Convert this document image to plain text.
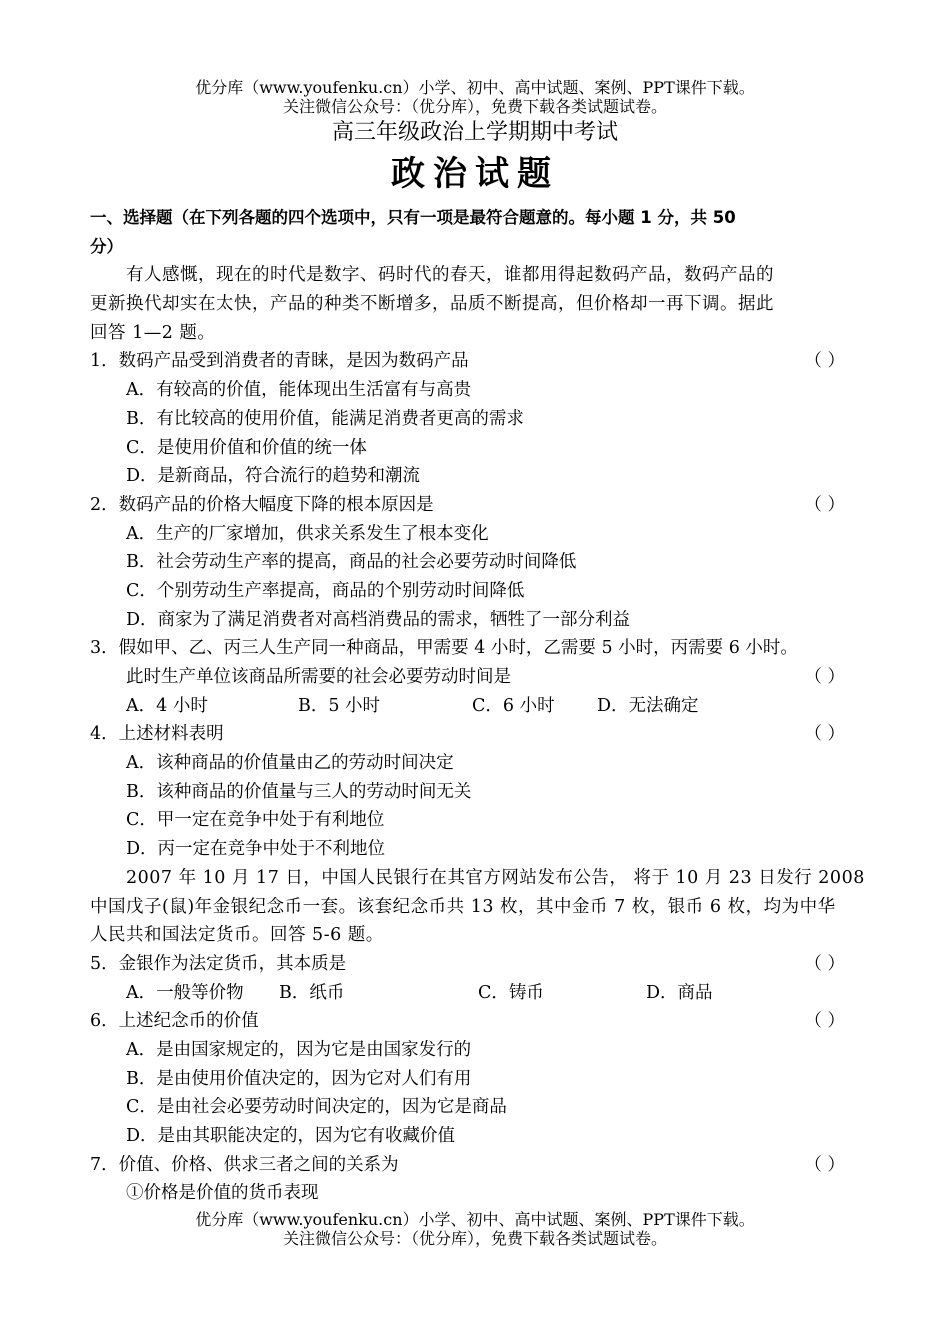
优分库（www.youfenku.cn）小学、初中、高中试题、案例、PPT课件下载。
关注微信公众号：（优分库），免费下载各类试题试卷。
高三年级政治上学期期中考试
政治试题
一、选择题（在下列各题的四个选项中，只有一项是最符合题意的。每小题 1 分，共 50
分）
有人感慨，现在的时代是数字、码时代的春天，谁都用得起数码产品，数码产品的
更新换代却实在太快，产品的种类不断增多，品质不断提高，但价格却一再下调。据此
回答 1—2 题。
1．数码产品受到消费者的青睐，是因为数码产品	（ ）
A．有较高的价值，能体现出生活富有与高贵
B．有比较高的使用价值，能满足消费者更高的需求
C．是使用价值和价值的统一体
D．是新商品，符合流行的趋势和潮流
2．数码产品的价格大幅度下降的根本原因是	（ ）
A．生产的厂家增加，供求关系发生了根本变化
B．社会劳动生产率的提高，商品的社会必要劳动时间降低
C．个别劳动生产率提高，商品的个别劳动时间降低
D．商家为了满足消费者对高档消费品的需求，牺牲了一部分利益
3．假如甲、乙、丙三人生产同一种商品，甲需要 4 小时，乙需要 5 小时，丙需要 6 小时。
此时生产单位该商品所需要的社会必要劳动时间是	（ ）
A．4 小时	B．5 小时	C．6 小时 D．无法确定
4．上述材料表明	（ ）
A．该种商品的价值量由乙的劳动时间决定
B．该种商品的价值量与三人的劳动时间无关
C．甲一定在竞争中处于有利地位
D．丙一定在竞争中处于不利地位
2007 年 10 月 17 日，中国人民银行在其官方网站发布公告， 将于 10 月 23 日发行 2008
中国戊子(鼠)年金银纪念币一套。该套纪念币共 13 枚，其中金币 7 枚，银币 6 枚，均为中华
人民共和国法定货币。回答 5-6 题。
5．金银作为法定货币，其本质是	（ ）
A．一般等价物 B．纸币	C．铸币	D．商品
6．上述纪念币的价值	（ ）
A．是由国家规定的，因为它是由国家发行的
B．是由使用价值决定的，因为它对人们有用
C．是由社会必要劳动时间决定的，因为它是商品
D．是由其职能决定的，因为它有收藏价值
7．价值、价格、供求三者之间的关系为	（ ）
①价格是价值的货币表现
优分库（www.youfenku.cn）小学、初中、高中试题、案例、PPT课件下载。
关注微信公众号：（优分库），免费下载各类试题试卷。
